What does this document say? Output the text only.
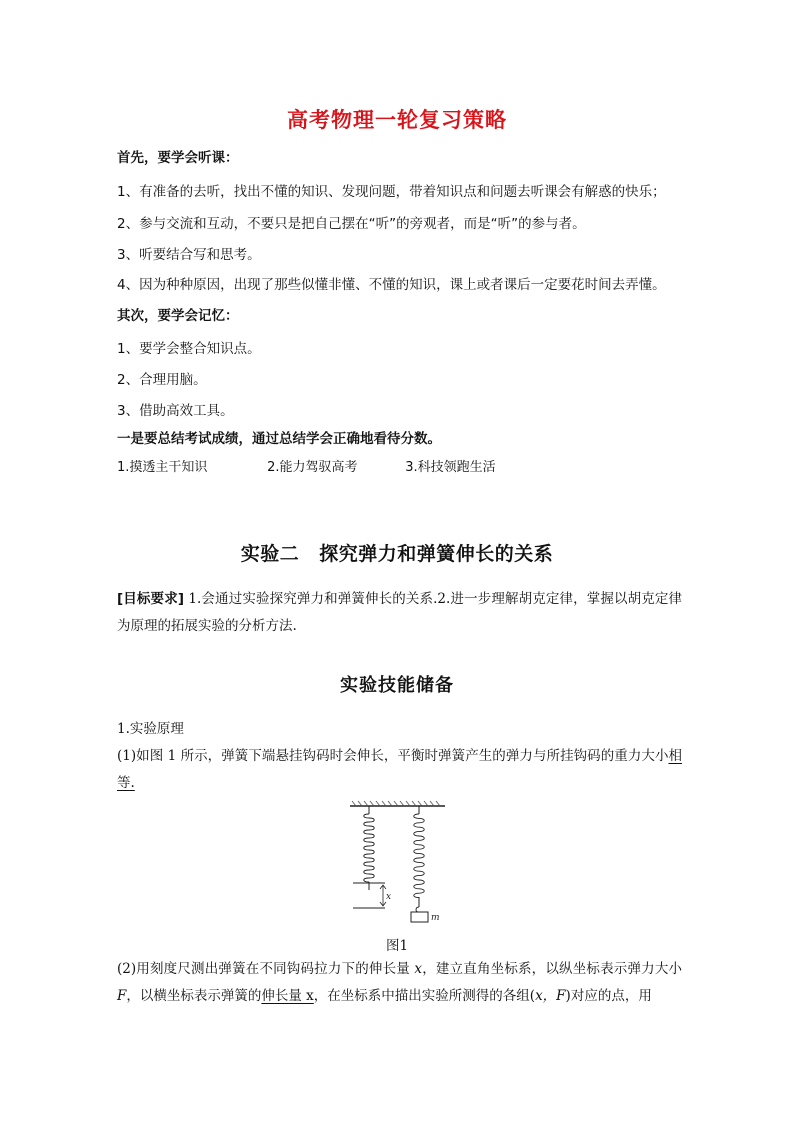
高考物理一轮复习策略
首先，要学会听课：
1、有准备的去听，找出不懂的知识、发现问题，带着知识点和问题去听课会有解惑的快乐；
2、参与交流和互动，不要只是把自己摆在“听”的旁观者，而是“听”的参与者。
3、听要结合写和思考。
4、因为种种原因，出现了那些似懂非懂、不懂的知识，课上或者课后一定要花时间去弄懂。
其次，要学会记忆：
1、要学会整合知识点。
2、合理用脑。
3、借助高效工具。
一是要总结考试成绩，通过总结学会正确地看待分数。
1.摸透主干知识	2.能力驾驭高考	3.科技领跑生活
实验二 探究弹力和弹簧伸长的关系
[目标要求] 1.会通过实验探究弹力和弹簧伸长的关系.2.进一步理解胡克定律，掌握以胡克定律为原理的拓展实验的分析方法.
实验技能储备
1.实验原理
(1)如图 1 所示，弹簧下端悬挂钩码时会伸长，平衡时弹簧产生的弹力与所挂钩码的重力大小相等.
x
m
图1
(2)用刻度尺测出弹簧在不同钩码拉力下的伸长量 x，建立直角坐标系，以纵坐标表示弹力大小 F，以横坐标表示弹簧的伸长量 x，在坐标系中描出实验所测得的各组(x，F)对应的点，用
